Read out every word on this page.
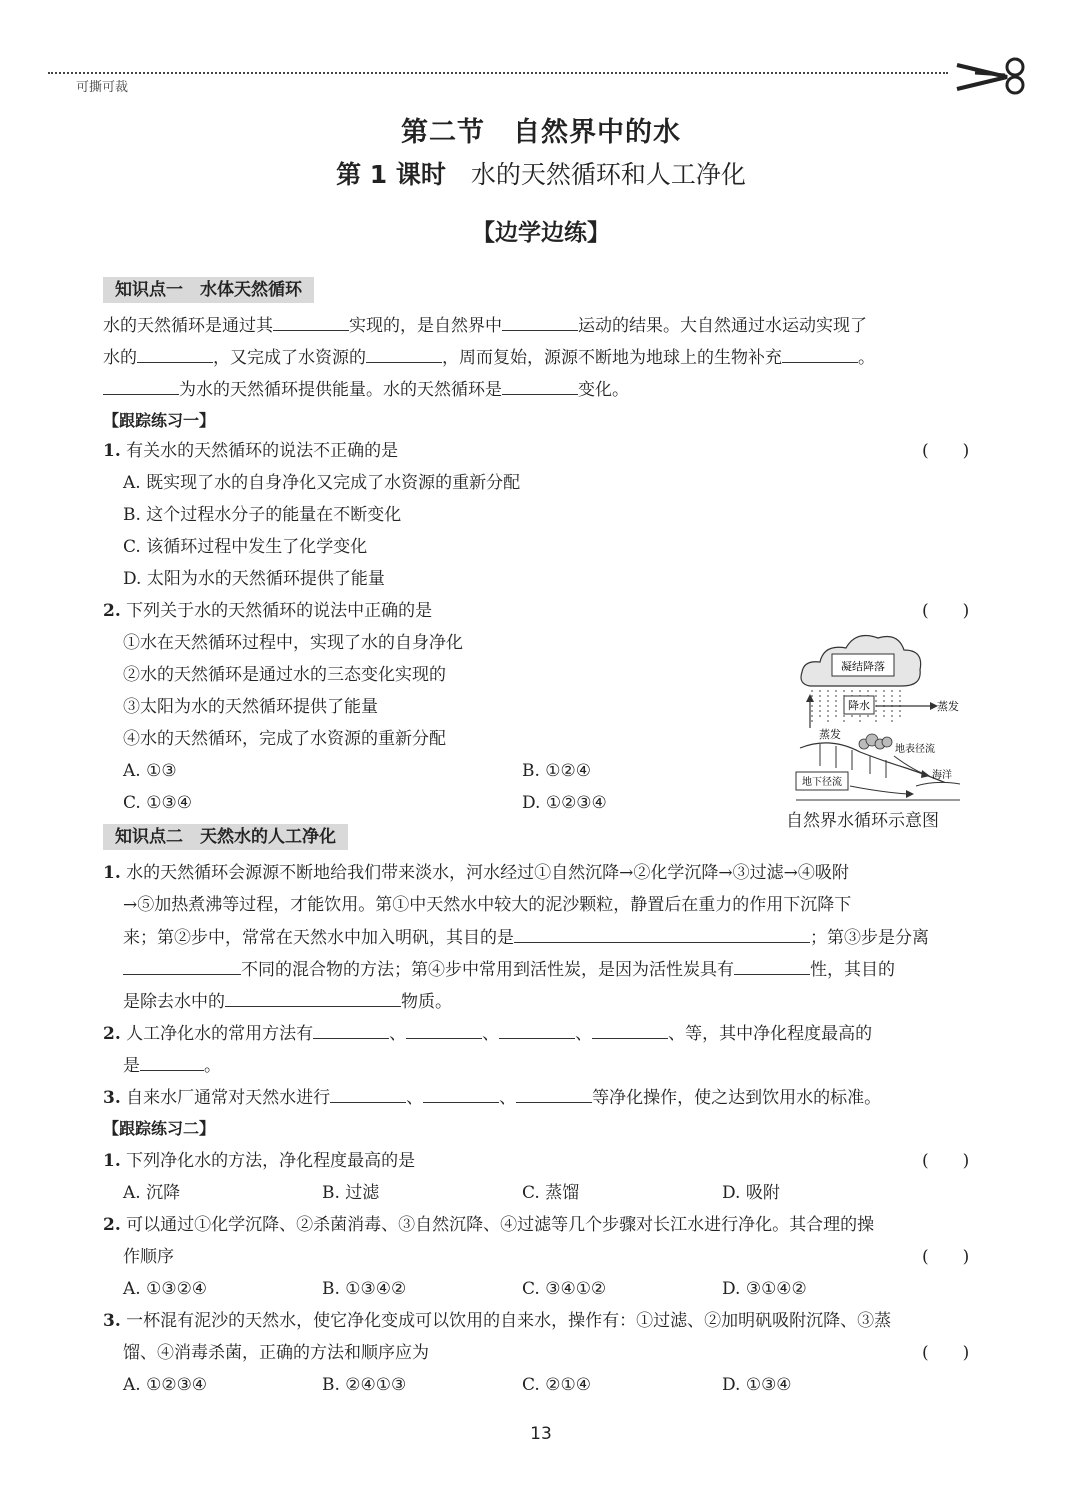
可撕可裁
第二节　自然界中的水
第 1 课时　水的天然循环和人工净化
【边学边练】
知识点一　水体天然循环
水的天然循环是通过其	实现的，是自然界中	运动的结果。大自然通过水运动实现了
水的	，又完成了水资源的	，周而复始，源源不断地为地球上的生物补充	。
为水的天然循环提供能量。水的天然循环是	变化。
【跟踪练习一】
1. 有关水的天然循环的说法不正确的是	(　　)
A. 既实现了水的自身净化又完成了水资源的重新分配
B. 这个过程水分子的能量在不断变化
C. 该循环过程中发生了化学变化
D. 太阳为水的天然循环提供了能量
2. 下列关于水的天然循环的说法中正确的是	(　　)
①水在天然循环过程中，实现了水的自身净化
②水的天然循环是通过水的三态变化实现的
③太阳为水的天然循环提供了能量
④水的天然循环，完成了水资源的重新分配
A. ①③	B. ①②④
C. ①③④	D. ①②③④
凝结降落
降水	蒸发
蒸发
地表径流
海洋
地下径流
自然界水循环示意图
知识点二　天然水的人工净化
1. 水的天然循环会源源不断地给我们带来淡水，河水经过①自然沉降→②化学沉降→③过滤→④吸附
→⑤加热煮沸等过程，才能饮用。第①中天然水中较大的泥沙颗粒，静置后在重力的作用下沉降下
来；第②步中，常常在天然水中加入明矾，其目的是	；第③步是分离
不同的混合物的方法；第④步中常用到活性炭，是因为活性炭具有	性，其目的
是除去水中的	物质。
2. 人工净化水的常用方法有	、	、	、	、等，其中净化程度最高的
是	。
3. 自来水厂通常对天然水进行	、	、	等净化操作，使之达到饮用水的标准。
【跟踪练习二】
1. 下列净化水的方法，净化程度最高的是	(　　)
A. 沉降	B. 过滤	C. 蒸馏	D. 吸附
2. 可以通过①化学沉降、②杀菌消毒、③自然沉降、④过滤等几个步骤对长江水进行净化。其合理的操
作顺序	(　　)
A. ①③②④	B. ①③④②	C. ③④①②	D. ③①④②
3. 一杯混有泥沙的天然水，使它净化变成可以饮用的自来水，操作有：①过滤、②加明矾吸附沉降、③蒸
馏、④消毒杀菌，正确的方法和顺序应为	(　　)
A. ①②③④	B. ②④①③	C. ②①④	D. ①③④
13
